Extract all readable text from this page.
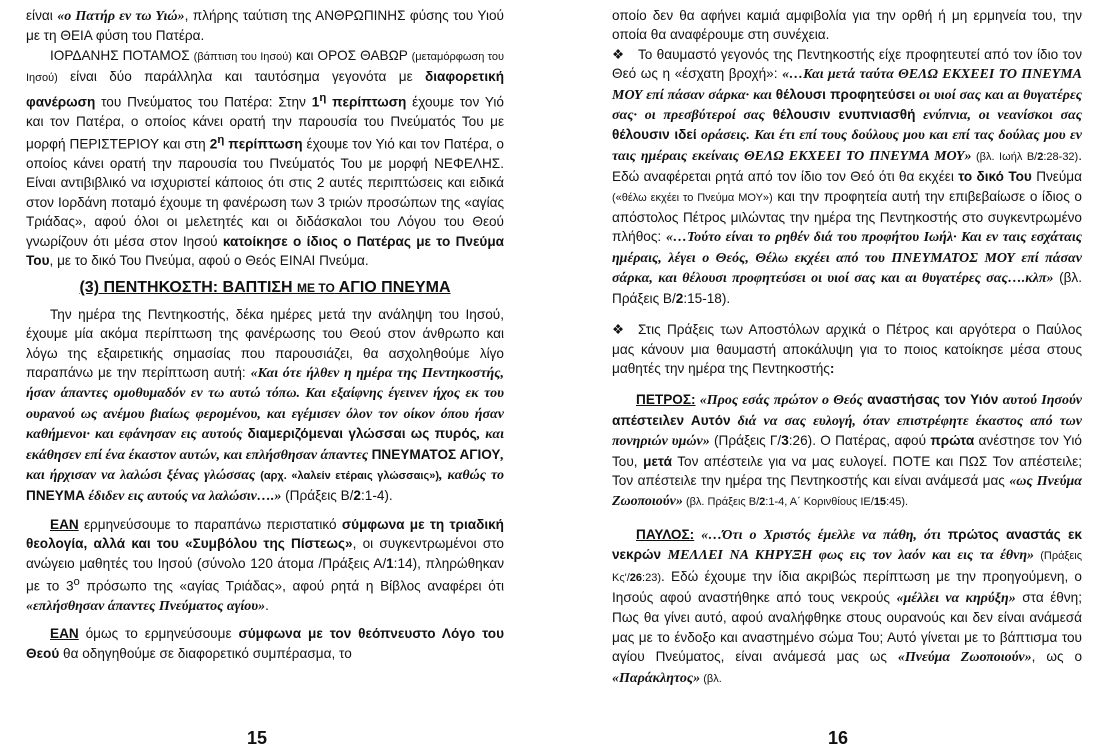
είναι «ο Πατήρ εν τω Υιώ», πλήρης ταύτιση της ΑΝΘΡΩΠΙΝΗΣ φύσης του Υιού με τη ΘΕΙΑ φύση του Πατέρα.

ΙΟΡΔΑΝΗΣ ΠΟΤΑΜΟΣ (βάπτιση του Ιησού) και ΟΡΟΣ ΘΑΒΩΡ (μεταμόρφωση του Ιησού) είναι δύο παράλληλα και ταυτόσημα γεγονότα με διαφορετική φανέρωση του Πνεύματος του Πατέρα: Στην $1^\eta$ περίπτωση έχουμε τον Υιό και τον Πατέρα, ο οποίος κάνει ορατή την παρουσία του Πνεύματός Του με μορφή ΠΕΡΙΣΤΕΡΙΟΥ και στη $2^\eta$ περίπτωση έχουμε τον Υιό και τον Πατέρα, ο οποίος κάνει ορατή την παρουσία του Πνεύματός Του με μορφή ΝΕΦΕΛΗΣ. Είναι αντιβιβλικό να ισχυριστεί κάποιος ότι στις 2 αυτές περιπτώσεις και ειδικά στον Ιορδάνη ποταμό έχουμε τη φανέρωση των 3 τριών προσώπων της «αγίας Τριάδας», αφού όλοι οι μελετητές και οι διδάσκαλοι του Λόγου του Θεού γνωρίζουν ότι μέσα στον Ιησού κατοίκησε ο ίδιος ο Πατέρας με το Πνεύμα Του, με το δικό Του Πνεύμα, αφού ο Θεός ΕΙΝΑΙ Πνεύμα.

(3) ΠΕΝΤΗΚΟΣΤΗ: ΒΑΠΤΙΣΗ ΜΕ ΤΟ ΑΓΙΟ ΠΝΕΥΜΑ

Την ημέρα της Πεντηκοστής, δέκα ημέρες μετά την ανάληψη του Ιησού, έχουμε μία ακόμα περίπτωση της φανέρωσης του Θεού στον άνθρωπο και λόγω της εξαιρετικής σημασίας που παρουσιάζει, θα ασχοληθούμε λίγο παραπάνω με την περίπτωση αυτή: «Και ότε ήλθεν η ημέρα της Πεντηκοστής, ήσαν άπαντες ομοθυμαδόν εν τω αυτώ τόπω. Και εξαίφνης έγεινεν ήχος εκ του ουρανού ως ανέμου βιαίως φερομένου, και εγέμισεν όλον τον οίκον όπου ήσαν καθήμενοι· και εφάνησαν εις αυτούς διαμεριζόμεναι γλώσσαι ως πυρός, και εκάθησεν επί ένα έκαστον αυτών, και επλήσθησαν άπαντες ΠΝΕΥΜΑΤΟΣ ΑΓΙΟΥ, και ήρχισαν να λαλώσι ξένας γλώσσας (αρχ. «λαλείν ετέραις γλώσσαις»), καθώς το ΠΝΕΥΜΑ έδιδεν εις αυτούς να λαλώσιν….» (Πράξεις Β/2:1-4).

ΕΑΝ ερμηνεύσουμε το παραπάνω περιστατικό σύμφωνα με τη τριαδική θεολογία, αλλά και του «Συμβόλου της Πίστεως», οι συγκεντρωμένοι στο ανώγειο μαθητές του Ιησού (σύνολο 120 άτομα /Πράξεις Α/1:14), πληρώθηκαν με το $3^o$ πρόσωπο της «αγίας Τριάδας», αφού ρητά η Βίβλος αναφέρει ότι «επλήσθησαν άπαντες Πνεύματος αγίου».

ΕΑΝ όμως το ερμηνεύσουμε σύμφωνα με τον θεόπνευστο Λόγο του Θεού θα οδηγηθούμε σε διαφορετικό συμπέρασμα, το

15

οποίο δεν θα αφήνει καμιά αμφιβολία για την ορθή ή μη ερμηνεία του, την οποία θα αναφέρουμε στη συνέχεια.

❖ Το θαυμαστό γεγονός της Πεντηκοστής είχε προφητευτεί από τον ίδιο τον Θεό ως η «έσχατη βροχή»: «…Και μετά ταύτα ΘΕΛΩ ΕΚΧΕΕΙ ΤΟ ΠΝΕΥΜΑ ΜΟΥ επί πάσαν σάρκα· και θέλουσι προφητεύσει οι υιοί σας και αι θυγατέρες σας· οι πρεσβύτεροί σας θέλουσιν ενυπνιασθή ενύπνια, οι νεανίσκοι σας θέλουσιν ιδεί οράσεις. Και έτι επί τους δούλους μου και επί τας δούλας μου εν ταις ημέραις εκείναις ΘΕΛΩ ΕΚΧΕΕΙ ΤΟ ΠΝΕΥΜΑ ΜΟΥ» (βλ. Ιωήλ Β/2:28-32). Εδώ αναφέρεται ρητά από τον ίδιο τον Θεό ότι θα εκχέει το δικό Του Πνεύμα («θέλω εκχέει το Πνεύμα ΜΟΥ») και την προφητεία αυτή την επιβεβαίωσε ο ίδιος ο απόστολος Πέτρος μιλώντας την ημέρα της Πεντηκοστής στο συγκεντρωμένο πλήθος: «…Τούτο είναι το ρηθέν διά του προφήτου Ιωήλ· Και εν ταις εσχάταις ημέραις, λέγει ο Θεός, Θέλω εκχέει από του ΠΝΕΥΜΑΤΟΣ ΜΟΥ επί πάσαν σάρκα, και θέλουσι προφητεύσει οι υιοί σας και αι θυγατέρες σας….κλπ» (βλ. Πράξεις Β/2:15-18).

❖ Στις Πράξεις των Αποστόλων αρχικά ο Πέτρος και αργότερα ο Παύλος μας κάνουν μια θαυμαστή αποκάλυψη για το ποιος κατοίκησε μέσα στους μαθητές την ημέρα της Πεντηκοστής:

ΠΕΤΡΟΣ: «Προς εσάς πρώτον ο Θεός αναστήσας τον Υιόν αυτού Ιησούν απέστειλεν Αυτόν διά να σας ευλογή, όταν επιστρέφητε έκαστος από των πονηριών υμών» (Πράξεις Γ/3:26). Ο Πατέρας, αφού πρώτα ανέστησε τον Υιό Του, μετά Τον απέστειλε για να μας ευλογεί. ΠΟΤΕ και ΠΩΣ Τον απέστειλε; Τον απέστειλε την ημέρα της Πεντηκοστής και είναι ανάμεσά μας «ως Πνεύμα Ζωοποιούν» (βλ. Πράξεις Β/2:1-4, Α΄ Κορινθίους ΙΕ/15:45).

ΠΑΥΛΟΣ: «…Ότι ο Χριστός έμελλε να πάθη, ότι πρώτος αναστάς εκ νεκρών ΜΕΛΛΕΙ ΝΑ ΚΗΡΥΞΗ φως εις τον λαόν και εις τα έθνη» (Πράξεις Κς'/26:23). Εδώ έχουμε την ίδια ακριβώς περίπτωση με την προηγούμενη, ο Ιησούς αφού αναστήθηκε από τους νεκρούς «μέλλει να κηρύξη» στα έθνη; Πως θα γίνει αυτό, αφού αναλήφθηκε στους ουρανούς και δεν είναι ανάμεσά μας με το ένδοξο και αναστημένο σώμα Του; Αυτό γίνεται με το βάπτισμα του αγίου Πνεύματος, είναι ανάμεσά μας ως «Πνεύμα Ζωοποιούν», ως ο «Παράκλητος» (βλ.

16
